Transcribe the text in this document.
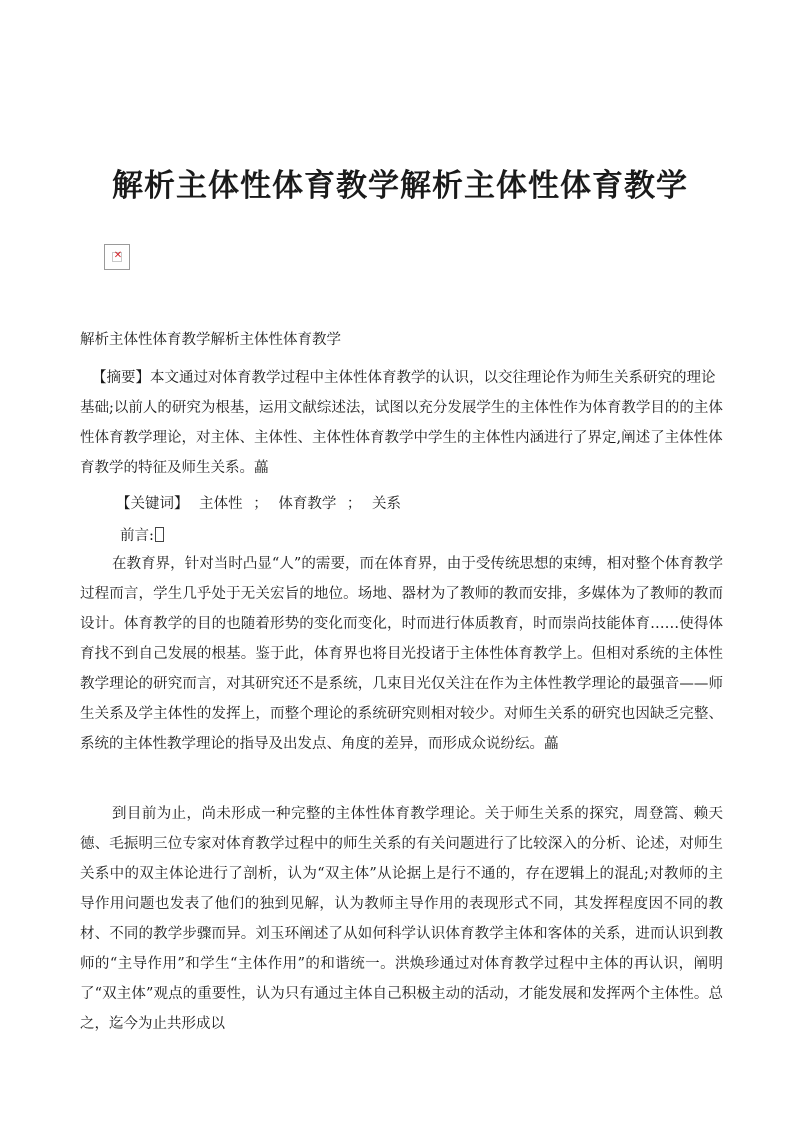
解析主体性体育教学解析主体性体育教学
✕
解析主体性体育教学解析主体性体育教学
【摘要】本文通过对体育教学过程中主体性体育教学的认识，以交往理论作为师生关系研究的理论基础;以前人的研究为根基，运用文献综述法，试图以充分发展学生的主体性作为体育教学目的的主体性体育教学理论，对主体、主体性、主体性体育教学中学生的主体性内涵进行了界定,阐述了主体性体育教学的特征及师生关系。藟
【关键词】 主体性 ； 体育教学 ； 关系
前言:
在教育界，针对当时凸显“人”的需要，而在体育界，由于受传统思想的束缚，相对整个体育教学过程而言，学生几乎处于无关宏旨的地位。场地、器材为了教师的教而安排，多媒体为了教师的教而设计。体育教学的目的也随着形势的变化而变化，时而进行体质教育，时而崇尚技能体育……使得体育找不到自己发展的根基。鉴于此，体育界也将目光投诸于主体性体育教学上。但相对系统的主体性教学理论的研究而言，对其研究还不是系统，几束目光仅关注在作为主体性教学理论的最强音——师生关系及学主体性的发挥上，而整个理论的系统研究则相对较少。对师生关系的研究也因缺乏完整、系统的主体性教学理论的指导及出发点、角度的差异，而形成众说纷纭。藟
到目前为止，尚未形成一种完整的主体性体育教学理论。关于师生关系的探究，周登篙、赖天德、毛振明三位专家对体育教学过程中的师生关系的有关问题进行了比较深入的分析、论述，对师生关系中的双主体论进行了剖析，认为“双主体”从论据上是行不通的，存在逻辑上的混乱;对教师的主导作用问题也发表了他们的独到见解，认为教师主导作用的表现形式不同，其发挥程度因不同的教材、不同的教学步骤而异。刘玉环阐述了从如何科学认识体育教学主体和客体的关系，进而认识到教师的“主导作用”和学生“主体作用”的和谐统一。洪焕珍通过对体育教学过程中主体的再认识，阐明了“双主体”观点的重要性，认为只有通过主体自己积极主动的活动，才能发展和发挥两个主体性。总之，迄今为止共形成以
